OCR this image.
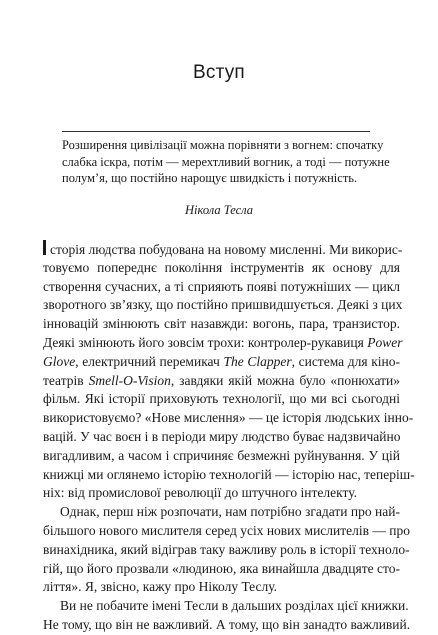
Вступ
Розширення цивілізації можна порівняти з вогнем: спочатку
слабка іскра, потім — мерехтливий вогник, а тоді — потужне
полум’я, що постійно нарощує швидкість і потужність.
Нікола Тесла
сторія людства побудована на новому мисленні. Ми викорис-
товуємо попереднє покоління інструментів як основу для
створення сучасних, а ті сприяють появі потужніших — цикл
зворотного зв’язку, що постійно пришвидшується. Деякі з цих
інновацій змінюють світ назавжди: вогонь, пара, транзистор.
Деякі змінюють його зовсім трохи: контролер-рукавиця Power
Glove, електричний перемикач The Clapper, система для кіно-
театрів Smell-O-Vision, завдяки якій можна було «понюхати»
фільм. Які історії приховують технології, що ми всі сьогодні
використовуємо? «Нове мислення» — це історія людських інно-
вацій. У час воєн і в періоди миру людство буває надзвичайно
вигадливим, а часом і спричиняє безмежні руйнування. У цій
книжці ми оглянемо історію технологій — історію нас, теперіш-
ніх: від промислової революції до штучного інтелекту.
Однак, перш ніж розпочати, нам потрібно згадати про най-
більшого нового мислителя серед усіх нових мислителів — про
винахідника, який відіграв таку важливу роль в історії техноло-
гій, що його прозвали «людиною, яка винайшла двадцяте сто-
ліття». Я, звісно, кажу про Ніколу Теслу.
Ви не побачите імені Тесли в дальших розділах цієї книжки.
Не тому, що він не важливий. А тому, що він занадто важливий.
